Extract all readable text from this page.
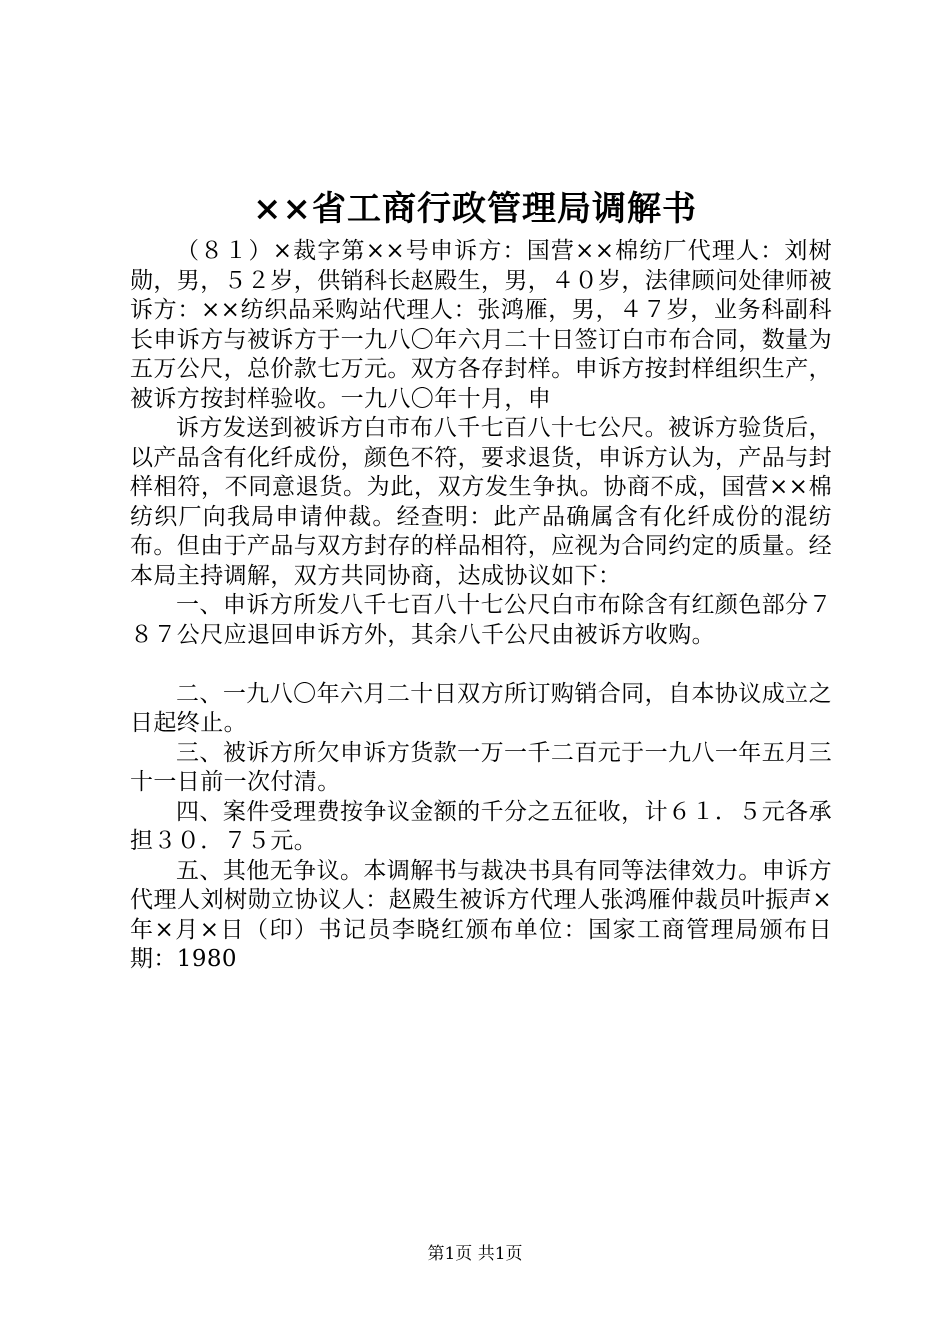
××省工商行政管理局调解书

（８１）×裁字第××号申诉方：国营××棉纺厂代理人：刘树勋，男，５２岁，供销科长赵殿生，男，４０岁，法律顾问处律师被诉方：××纺织品采购站代理人：张鸿雁，男，４７岁，业务科副科长申诉方与被诉方于一九八〇年六月二十日签订白市布合同，数量为五万公尺，总价款七万元。双方各存封样。申诉方按封样组织生产，被诉方按封样验收。一九八〇年十月，申

诉方发送到被诉方白市布八千七百八十七公尺。被诉方验货后，以产品含有化纤成份，颜色不符，要求退货，申诉方认为，产品与封样相符，不同意退货。为此，双方发生争执。协商不成，国营××棉纺织厂向我局申请仲裁。经查明：此产品确属含有化纤成份的混纺布。但由于产品与双方封存的样品相符，应视为合同约定的质量。经本局主持调解，双方共同协商，达成协议如下：

一、申诉方所发八千七百八十七公尺白市布除含有红颜色部分７８７公尺应退回申诉方外，其余八千公尺由被诉方收购。

二、一九八〇年六月二十日双方所订购销合同，自本协议成立之日起终止。

三、被诉方所欠申诉方货款一万一千二百元于一九八一年五月三十一日前一次付清。

四、案件受理费按争议金额的千分之五征收，计６１．５元各承担３０．７５元。

五、其他无争议。本调解书与裁决书具有同等法律效力。申诉方代理人刘树勋立协议人：赵殿生被诉方代理人张鸿雁仲裁员叶振声×年×月×日（印）书记员李晓红颁布单位：国家工商管理局颁布日期：1980

第1页 共1页
